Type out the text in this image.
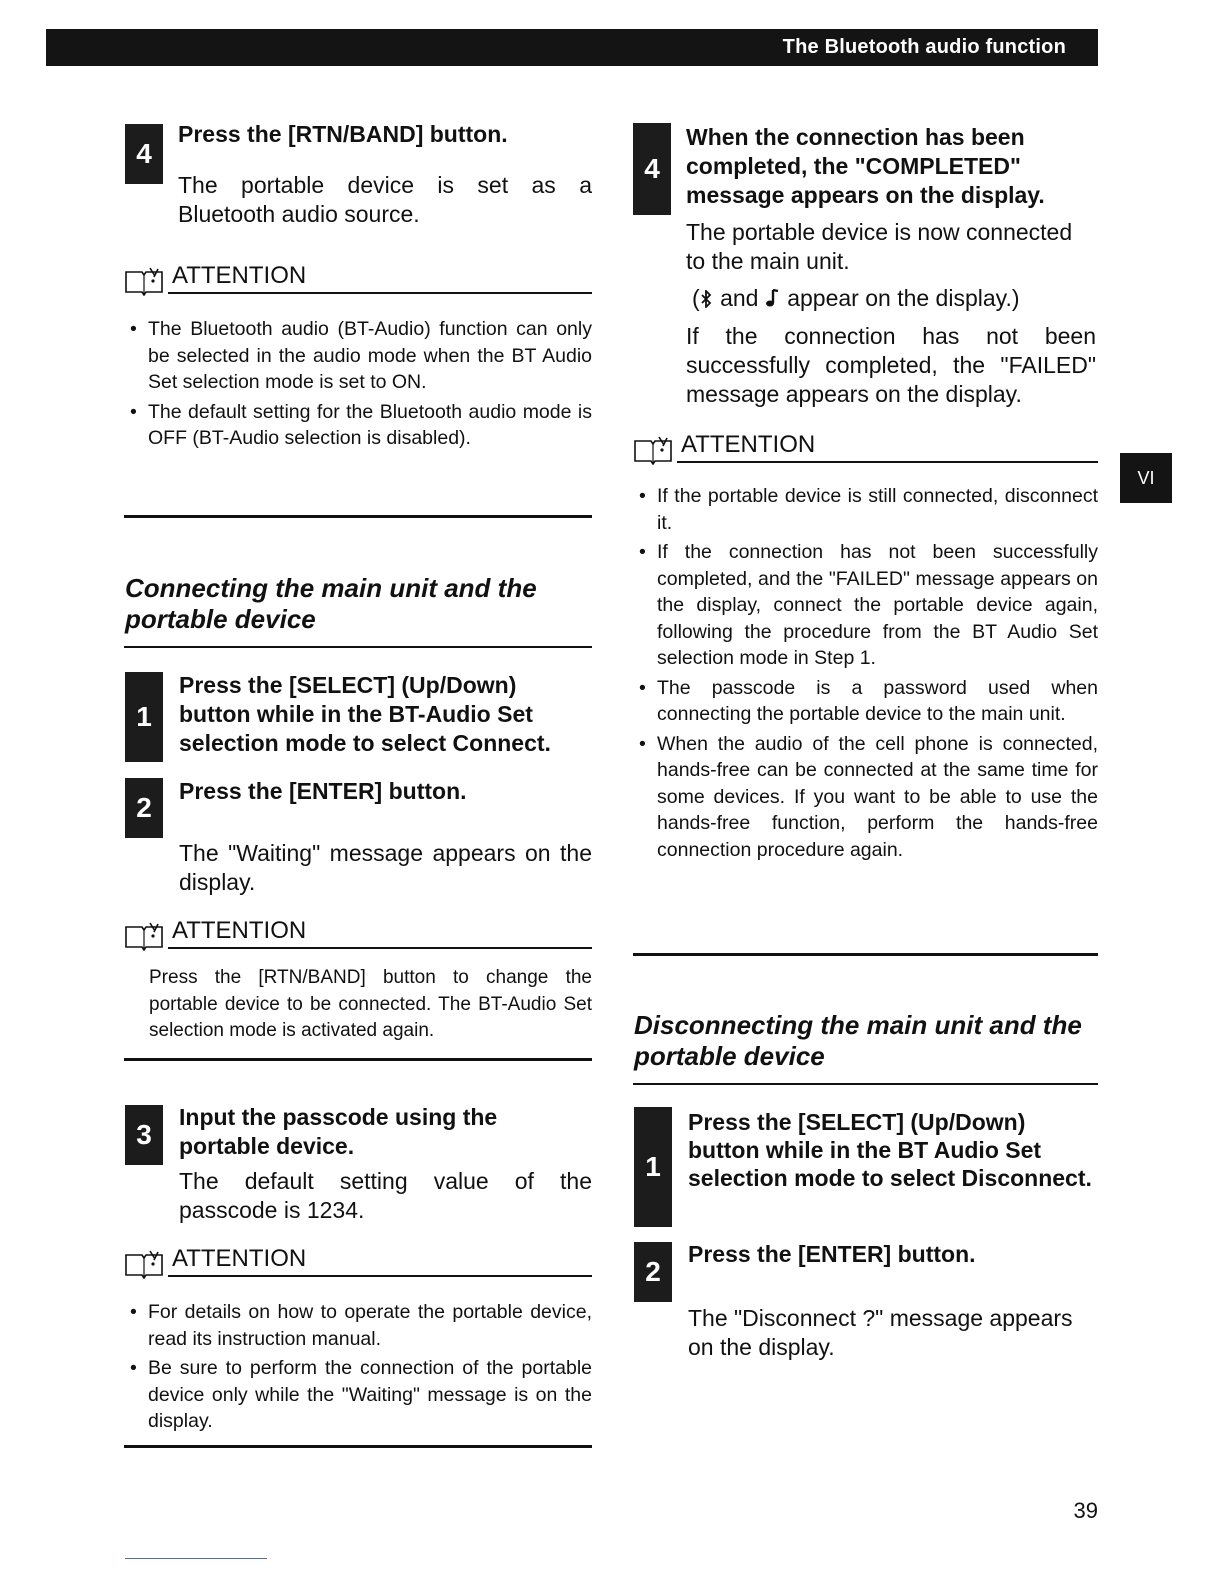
The Bluetooth audio function
4

Press the [RTN/BAND] button.

The portable device is set as a Bluetooth audio source.

ATTENTION
• The Bluetooth audio (BT-Audio) function can only be selected in the audio mode when the BT Audio Set selection mode is set to ON.
• The default setting for the Bluetooth audio mode is OFF (BT-Audio selection is disabled).

Connecting the main unit and the portable device

1

Press the [SELECT] (Up/Down) button while in the BT-Audio Set selection mode to select Connect.

2

Press the [ENTER] button.

The "Waiting" message appears on the display.

ATTENTION

Press the [RTN/BAND] button to change the portable device to be connected. The BT-Audio Set selection mode is activated again.

3

Input the passcode using the portable device.

The default setting value of the passcode is 1234.

ATTENTION
• For details on how to operate the portable device, read its instruction manual.
• Be sure to perform the connection of the portable device only while the "Waiting" message is on the display.
4

When the connection has been completed, the "COMPLETED" message appears on the display.

The portable device is now connected to the main unit.

( and appear on the display.)

If the connection has not been successfully completed, the "FAILED" message appears on the display.

ATTENTION
• If the portable device is still connected, disconnect it.
• If the connection has not been successfully completed, and the "FAILED" message appears on the display, connect the portable device again, following the procedure from the BT Audio Set selection mode in Step 1.
• The passcode is a password used when connecting the portable device to the main unit.
• When the audio of the cell phone is connected, hands-free can be connected at the same time for some devices. If you want to be able to use the hands-free function, perform the hands-free connection procedure again.

Disconnecting the main unit and the portable device

1

Press the [SELECT] (Up/Down) button while in the BT Audio Set selection mode to select Disconnect.

2

Press the [ENTER] button.

The "Disconnect ?" message appears on the display.

VI
39
